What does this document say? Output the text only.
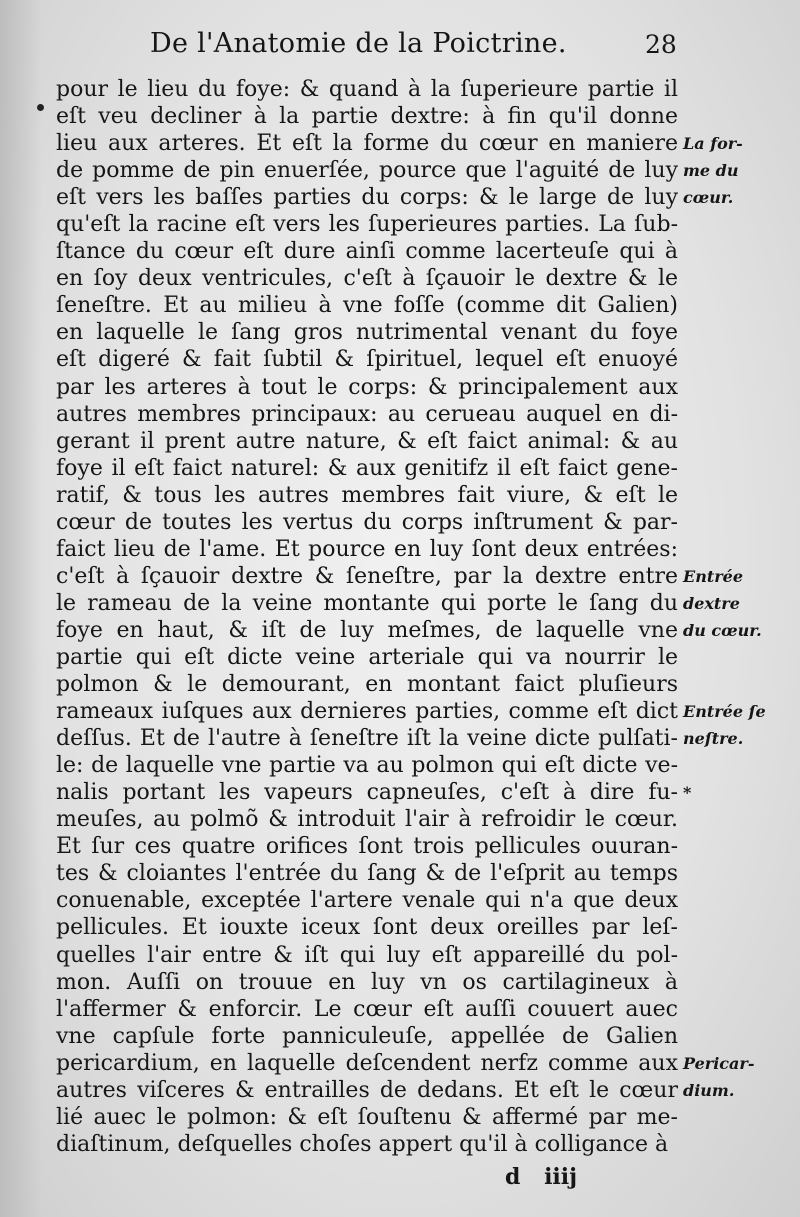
De l'Anatomie de la Poictrine.	28
pour le lieu du foye: & quand à la ſuperieure partie il
eſt veu decliner à la partie dextre: à fin qu'il donne
lieu aux arteres. Et eſt la forme du cœur en maniere
de pomme de pin enuerſée, pource que l'aguité de luy
eſt vers les baſſes parties du corps: & le large de luy
qu'eſt la racine eſt vers les ſuperieures parties. La ſub-
ſtance du cœur eſt dure ainſi comme lacerteuſe qui à
en ſoy deux ventricules, c'eſt à ſçauoir le dextre & le
ſeneſtre. Et au milieu à vne foſſe (comme dit Galien)
en laquelle le ſang gros nutrimental venant du foye
eſt digeré & fait ſubtil & ſpirituel, lequel eſt enuoyé
par les arteres à tout le corps: & principalement aux
autres membres principaux: au cerueau auquel en di-
gerant il prent autre nature, & eſt faict animal: & au
foye il eſt faict naturel: & aux genitifz il eſt faict gene-
ratif, & tous les autres membres fait viure, & eſt le
cœur de toutes les vertus du corps inſtrument & par-
faict lieu de l'ame. Et pource en luy ſont deux entrées:
c'eſt à ſçauoir dextre & ſeneſtre, par la dextre entre
le rameau de la veine montante qui porte le ſang du
foye en haut, & iſt de luy meſmes, de laquelle vne
partie qui eſt dicte veine arteriale qui va nourrir le
polmon & le demourant, en montant faict pluſieurs
rameaux iuſques aux dernieres parties, comme eſt dict
deſſus. Et de l'autre à ſeneſtre iſt la veine dicte pulſati-
le: de laquelle vne partie va au polmon qui eſt dicte ve-
nalis portant les vapeurs capneuſes, c'eſt à dire fu-
meuſes, au polmõ & introduit l'air à refroidir le cœur.
Et ſur ces quatre orifices ſont trois pellicules ouuran-
tes & cloiantes l'entrée du ſang & de l'eſprit au temps
conuenable, exceptée l'artere venale qui n'a que deux
pellicules. Et iouxte iceux ſont deux oreilles par leſ-
quelles l'air entre & iſt qui luy eſt appareillé du pol-
mon. Auſſi on trouue en luy vn os cartilagineux à
l'affermer & enforcir. Le cœur eſt auſſi couuert auec
vne capſule forte panniculeuſe, appellée de Galien
pericardium, en laquelle deſcendent nerfz comme aux
autres viſceres & entrailles de dedans. Et eſt le cœur
lié auec le polmon: & eſt ſouſtenu & affermé par me-
diaſtinum, deſquelles choſes appert qu'il à colligance à
La for-
me du
cœur.
Entrée
dextre
du cœur.
Entrée ſe
neſtre.
*
Pericar-
dium.
d iiij
